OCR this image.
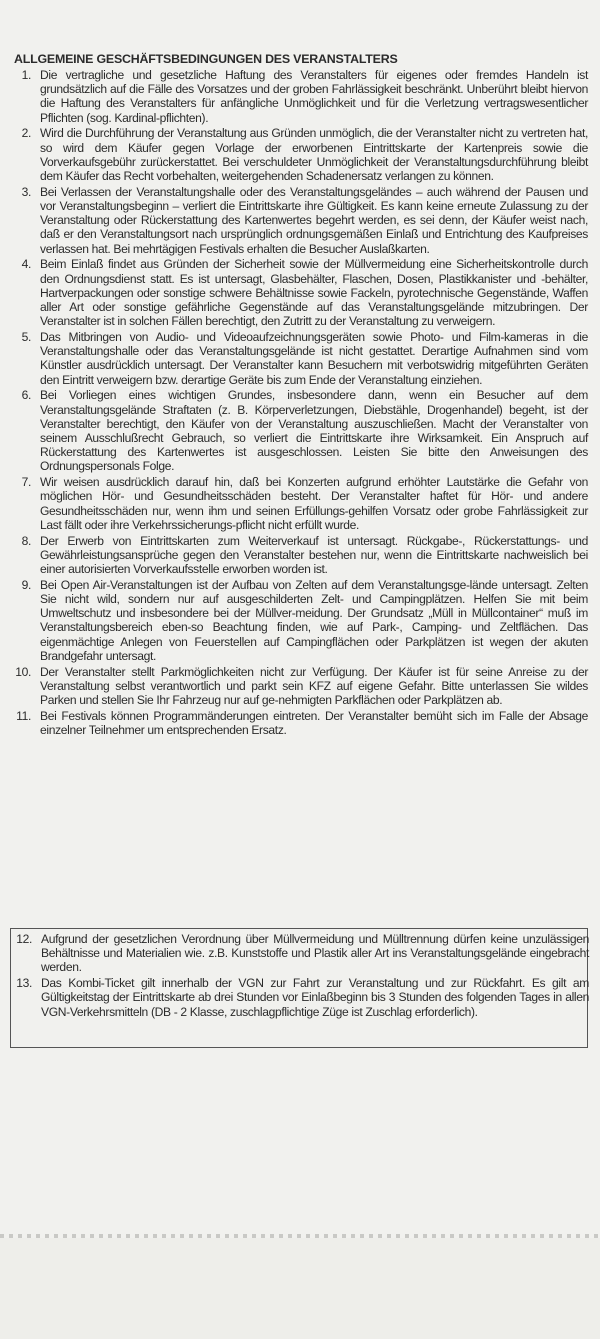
ALLGEMEINE GESCHÄFTSBEDINGUNGEN DES VERANSTALTERS
1. Die vertragliche und gesetzliche Haftung des Veranstalters für eigenes oder fremdes Handeln ist grundsätzlich auf die Fälle des Vorsatzes und der groben Fahrlässigkeit beschränkt. Unberührt bleibt hiervon die Haftung des Veranstalters für anfängliche Unmöglichkeit und für die Verletzung vertragswesentlicher Pflichten (sog. Kardinal-pflichten).
2. Wird die Durchführung der Veranstaltung aus Gründen unmöglich, die der Veranstalter nicht zu vertreten hat, so wird dem Käufer gegen Vorlage der erworbenen Eintrittskarte der Kartenpreis sowie die Vorverkaufsgebühr zurückerstattet. Bei verschuldeter Unmöglichkeit der Veranstaltungsdurchführung bleibt dem Käufer das Recht vorbehalten, weitergehenden Schadenersatz verlangen zu können.
3. Bei Verlassen der Veranstaltungshalle oder des Veranstaltungsgeländes – auch während der Pausen und vor Veranstaltungsbeginn – verliert die Eintrittskarte ihre Gültigkeit. Es kann keine erneute Zulassung zu der Veranstaltung oder Rückerstattung des Kartenwertes begehrt werden, es sei denn, der Käufer weist nach, daß er den Veranstaltungsort nach ursprünglich ordnungsgemäßen Einlaß und Entrichtung des Kaufpreises verlassen hat. Bei mehrtägigen Festivals erhalten die Besucher Auslaßkarten.
4. Beim Einlaß findet aus Gründen der Sicherheit sowie der Müllvermeidung eine Sicherheitskontrolle durch den Ordnungsdienst statt. Es ist untersagt, Glasbehälter, Flaschen, Dosen, Plastikkanister und -behälter, Hartverpackungen oder sonstige schwere Behältnisse sowie Fackeln, pyrotechnische Gegenstände, Waffen aller Art oder sonstige gefährliche Gegenstände auf das Veranstaltungsgelände mitzubringen. Der Veranstalter ist in solchen Fällen berechtigt, den Zutritt zu der Veranstaltung zu verweigern.
5. Das Mitbringen von Audio- und Videoaufzeichnungsgeräten sowie Photo- und Film-kameras in die Veranstaltungshalle oder das Veranstaltungsgelände ist nicht gestattet. Derartige Aufnahmen sind vom Künstler ausdrücklich untersagt. Der Veranstalter kann Besuchern mit verbotswidrig mitgeführten Geräten den Eintritt verweigern bzw. derartige Geräte bis zum Ende der Veranstaltung einziehen.
6. Bei Vorliegen eines wichtigen Grundes, insbesondere dann, wenn ein Besucher auf dem Veranstaltungsgelände Straftaten (z. B. Körperverletzungen, Diebstähle, Drogenhandel) begeht, ist der Veranstalter berechtigt, den Käufer von der Veranstaltung auszuschließen. Macht der Veranstalter von seinem Ausschlußrecht Gebrauch, so verliert die Eintrittskarte ihre Wirksamkeit. Ein Anspruch auf Rückerstattung des Kartenwertes ist ausgeschlossen. Leisten Sie bitte den Anweisungen des Ordnungspersonals Folge.
7. Wir weisen ausdrücklich darauf hin, daß bei Konzerten aufgrund erhöhter Lautstärke die Gefahr von möglichen Hör- und Gesundheitsschäden besteht. Der Veranstalter haftet für Hör- und andere Gesundheitsschäden nur, wenn ihm und seinen Erfüllungs-gehilfen Vorsatz oder grobe Fahrlässigkeit zur Last fällt oder ihre Verkehrssicherungs-pflicht nicht erfüllt wurde.
8. Der Erwerb von Eintrittskarten zum Weiterverkauf ist untersagt. Rückgabe-, Rückerstattungs- und Gewährleistungsansprüche gegen den Veranstalter bestehen nur, wenn die Eintrittskarte nachweislich bei einer autorisierten Vorverkaufsstelle erworben worden ist.
9. Bei Open Air-Veranstaltungen ist der Aufbau von Zelten auf dem Veranstaltungsge-lände untersagt. Zelten Sie nicht wild, sondern nur auf ausgeschilderten Zelt- und Campingplätzen. Helfen Sie mit beim Umweltschutz und insbesondere bei der Müllver-meidung. Der Grundsatz „Müll in Müllcontainer“ muß im Veranstaltungsbereich eben-so Beachtung finden, wie auf Park-, Camping- und Zeltflächen. Das eigenmächtige Anlegen von Feuerstellen auf Campingflächen oder Parkplätzen ist wegen der akuten Brandgefahr untersagt.
10. Der Veranstalter stellt Parkmöglichkeiten nicht zur Verfügung. Der Käufer ist für seine Anreise zu der Veranstaltung selbst verantwortlich und parkt sein KFZ auf eigene Gefahr. Bitte unterlassen Sie wildes Parken und stellen Sie Ihr Fahrzeug nur auf ge-nehmigten Parkflächen oder Parkplätzen ab.
11. Bei Festivals können Programmänderungen eintreten. Der Veranstalter bemüht sich im Falle der Absage einzelner Teilnehmer um entsprechenden Ersatz.
12. Aufgrund der gesetzlichen Verordnung über Müllvermeidung und Mülltrennung dürfen keine unzulässigen Behältnisse und Materialien wie. z.B. Kunststoffe und Plastik aller Art ins Veranstaltungsgelände eingebracht werden.
13. Das Kombi-Ticket gilt innerhalb der VGN zur Fahrt zur Veranstaltung und zur Rückfahrt. Es gilt am Gültigkeitstag der Eintrittskarte ab drei Stunden vor Einlaßbeginn bis 3 Stunden des folgenden Tages in allen VGN-Verkehrsmitteln (DB - 2 Klasse, zuschlagpflichtige Züge ist Zuschlag erforderlich).
